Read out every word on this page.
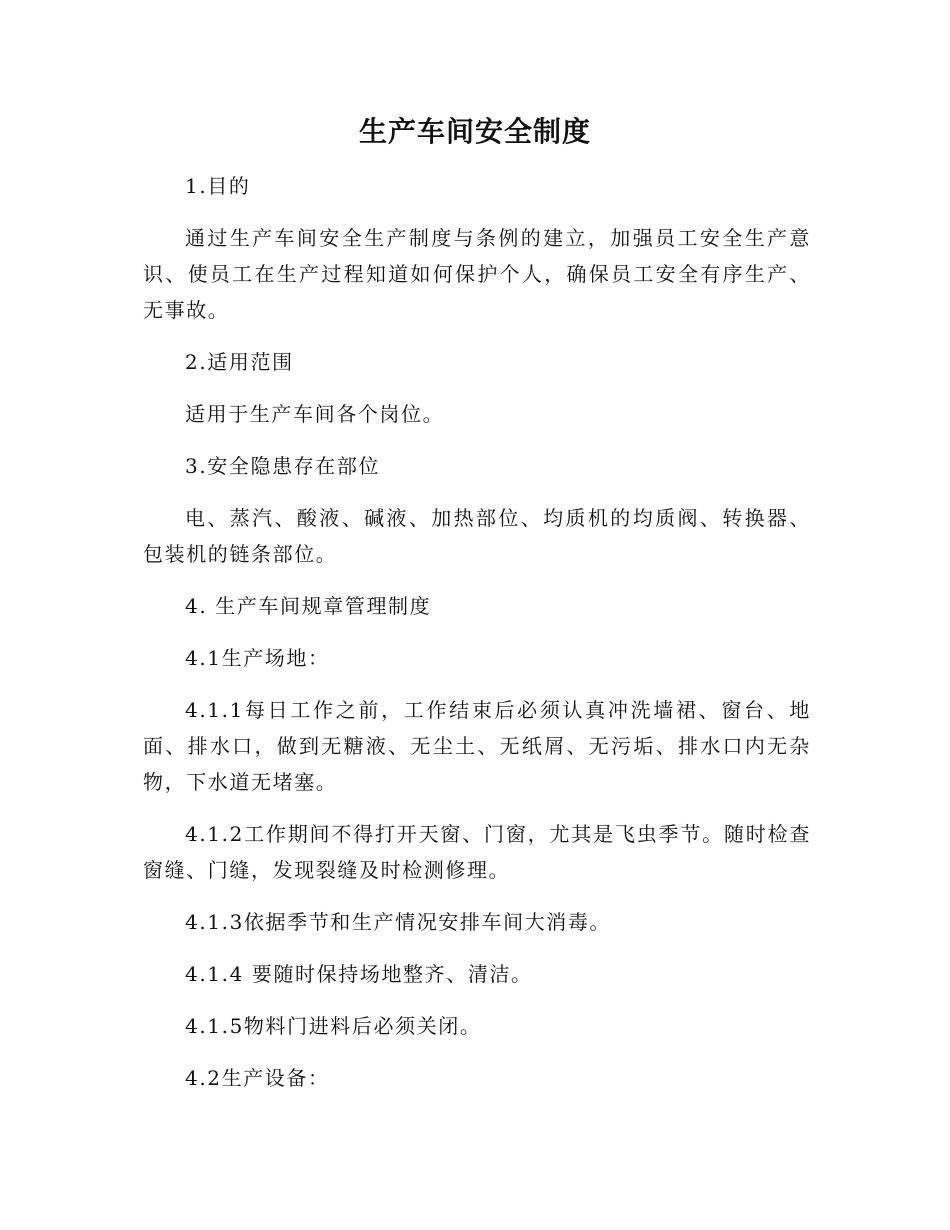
生产车间安全制度

1.目的

通过生产车间安全生产制度与条例的建立，加强员工安全生产意识、使员工在生产过程知道如何保护个人，确保员工安全有序生产、无事故。

2.适用范围

适用于生产车间各个岗位。

3.安全隐患存在部位

电、蒸汽、酸液、碱液、加热部位、均质机的均质阀、转换器、包装机的链条部位。

4. 生产车间规章管理制度

4.1生产场地：

4.1.1每日工作之前，工作结束后必须认真冲洗墙裙、窗台、地面、排水口，做到无糖液、无尘土、无纸屑、无污垢、排水口内无杂物，下水道无堵塞。

4.1.2工作期间不得打开天窗、门窗，尤其是飞虫季节。随时检查窗缝、门缝，发现裂缝及时检测修理。

4.1.3依据季节和生产情况安排车间大消毒。

4.1.4 要随时保持场地整齐、清洁。

4.1.5物料门进料后必须关闭。

4.2生产设备：
